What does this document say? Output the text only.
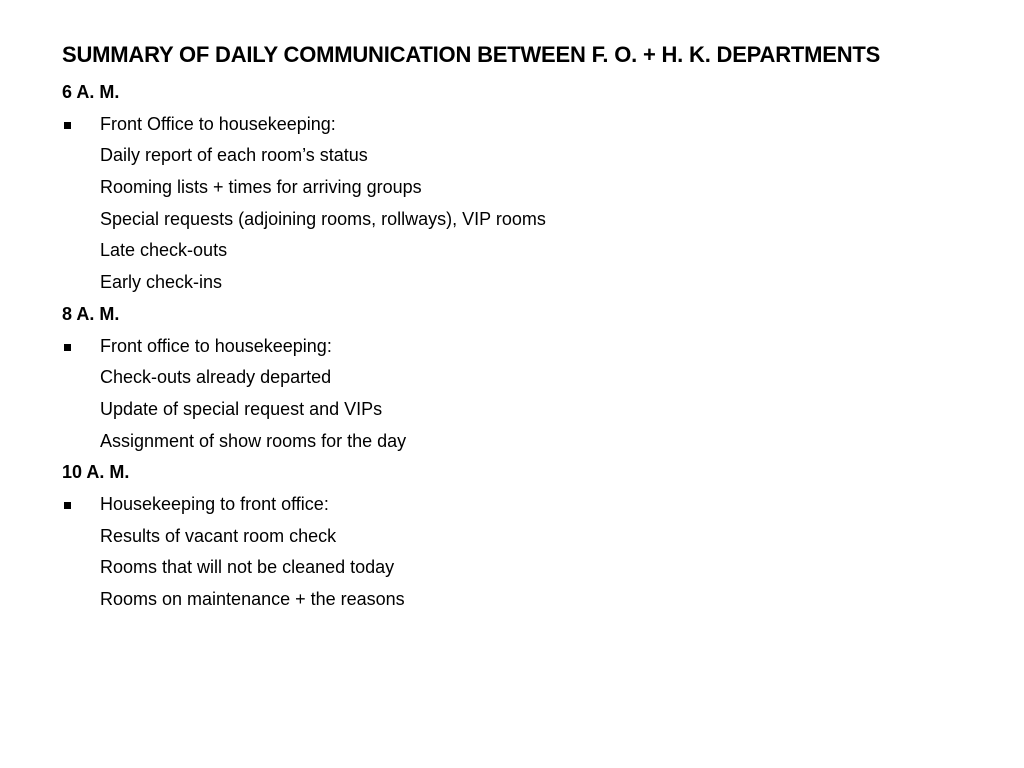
SUMMARY OF DAILY COMMUNICATION BETWEEN F. O. + H. K. DEPARTMENTS
6 A. M.
Front Office to housekeeping:
Daily report of each room’s status
Rooming lists + times for arriving groups
Special requests (adjoining rooms, rollways), VIP rooms
Late check-outs
Early check-ins
8 A. M.
Front office to housekeeping:
Check-outs already departed
Update of special request and VIPs
Assignment of show rooms for the day
10 A. M.
Housekeeping to front office:
Results of vacant room check
Rooms that will not be cleaned today
Rooms on maintenance + the reasons
